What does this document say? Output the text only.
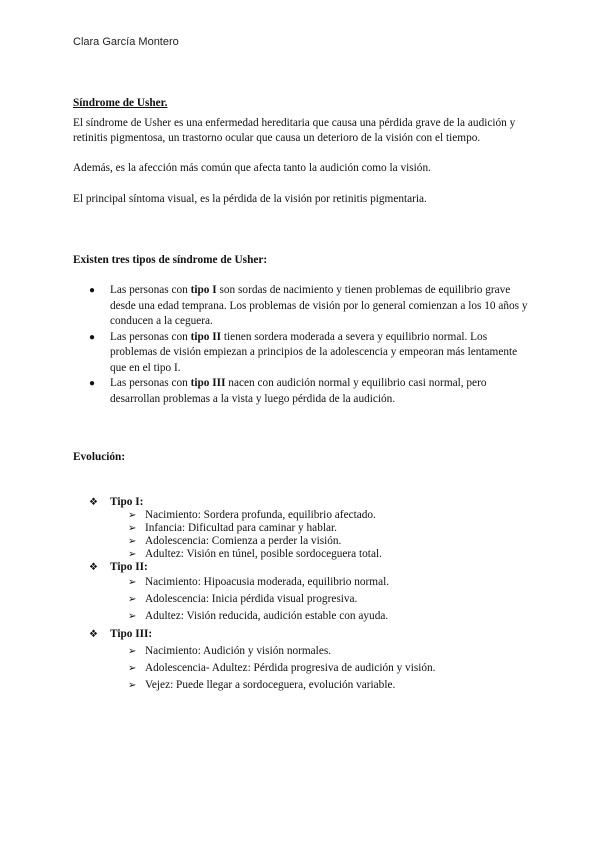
Clara García Montero
Síndrome de Usher.

El síndrome de Usher es una enfermedad hereditaria que causa una pérdida grave de la audición y retinitis pigmentosa, un trastorno ocular que causa un deterioro de la visión con el tiempo.

Además, es la afección más común que afecta tanto la audición como la visión.

El principal síntoma visual, es la pérdida de la visión por retinitis pigmentaria.

Existen tres tipos de síndrome de Usher:
● Las personas con tipo I son sordas de nacimiento y tienen problemas de equilibrio grave desde una edad temprana. Los problemas de visión por lo general comienzan a los 10 años y conducen a la ceguera.
● Las personas con tipo II tienen sordera moderada a severa y equilibrio normal. Los problemas de visión empiezan a principios de la adolescencia y empeoran más lentamente que en el tipo I.
● Las personas con tipo III nacen con audición normal y equilibrio casi normal, pero desarrollan problemas a la vista y luego pérdida de la audición.
Evolución:
❖ Tipo I:
➢ Nacimiento: Sordera profunda, equilibrio afectado.
➢ Infancia: Dificultad para caminar y hablar.
➢ Adolescencia: Comienza a perder la visión.
➢ Adultez: Visión en túnel, posible sordoceguera total.
❖ Tipo II:
➢ Nacimiento: Hipoacusia moderada, equilibrio normal.
➢ Adolescencia: Inicia pérdida visual progresiva.
➢ Adultez: Visión reducida, audición estable con ayuda.
❖ Tipo III:
➢ Nacimiento: Audición y visión normales.
➢ Adolescencia- Adultez: Pérdida progresiva de audición y visión.
➢ Vejez: Puede llegar a sordoceguera, evolución variable.
